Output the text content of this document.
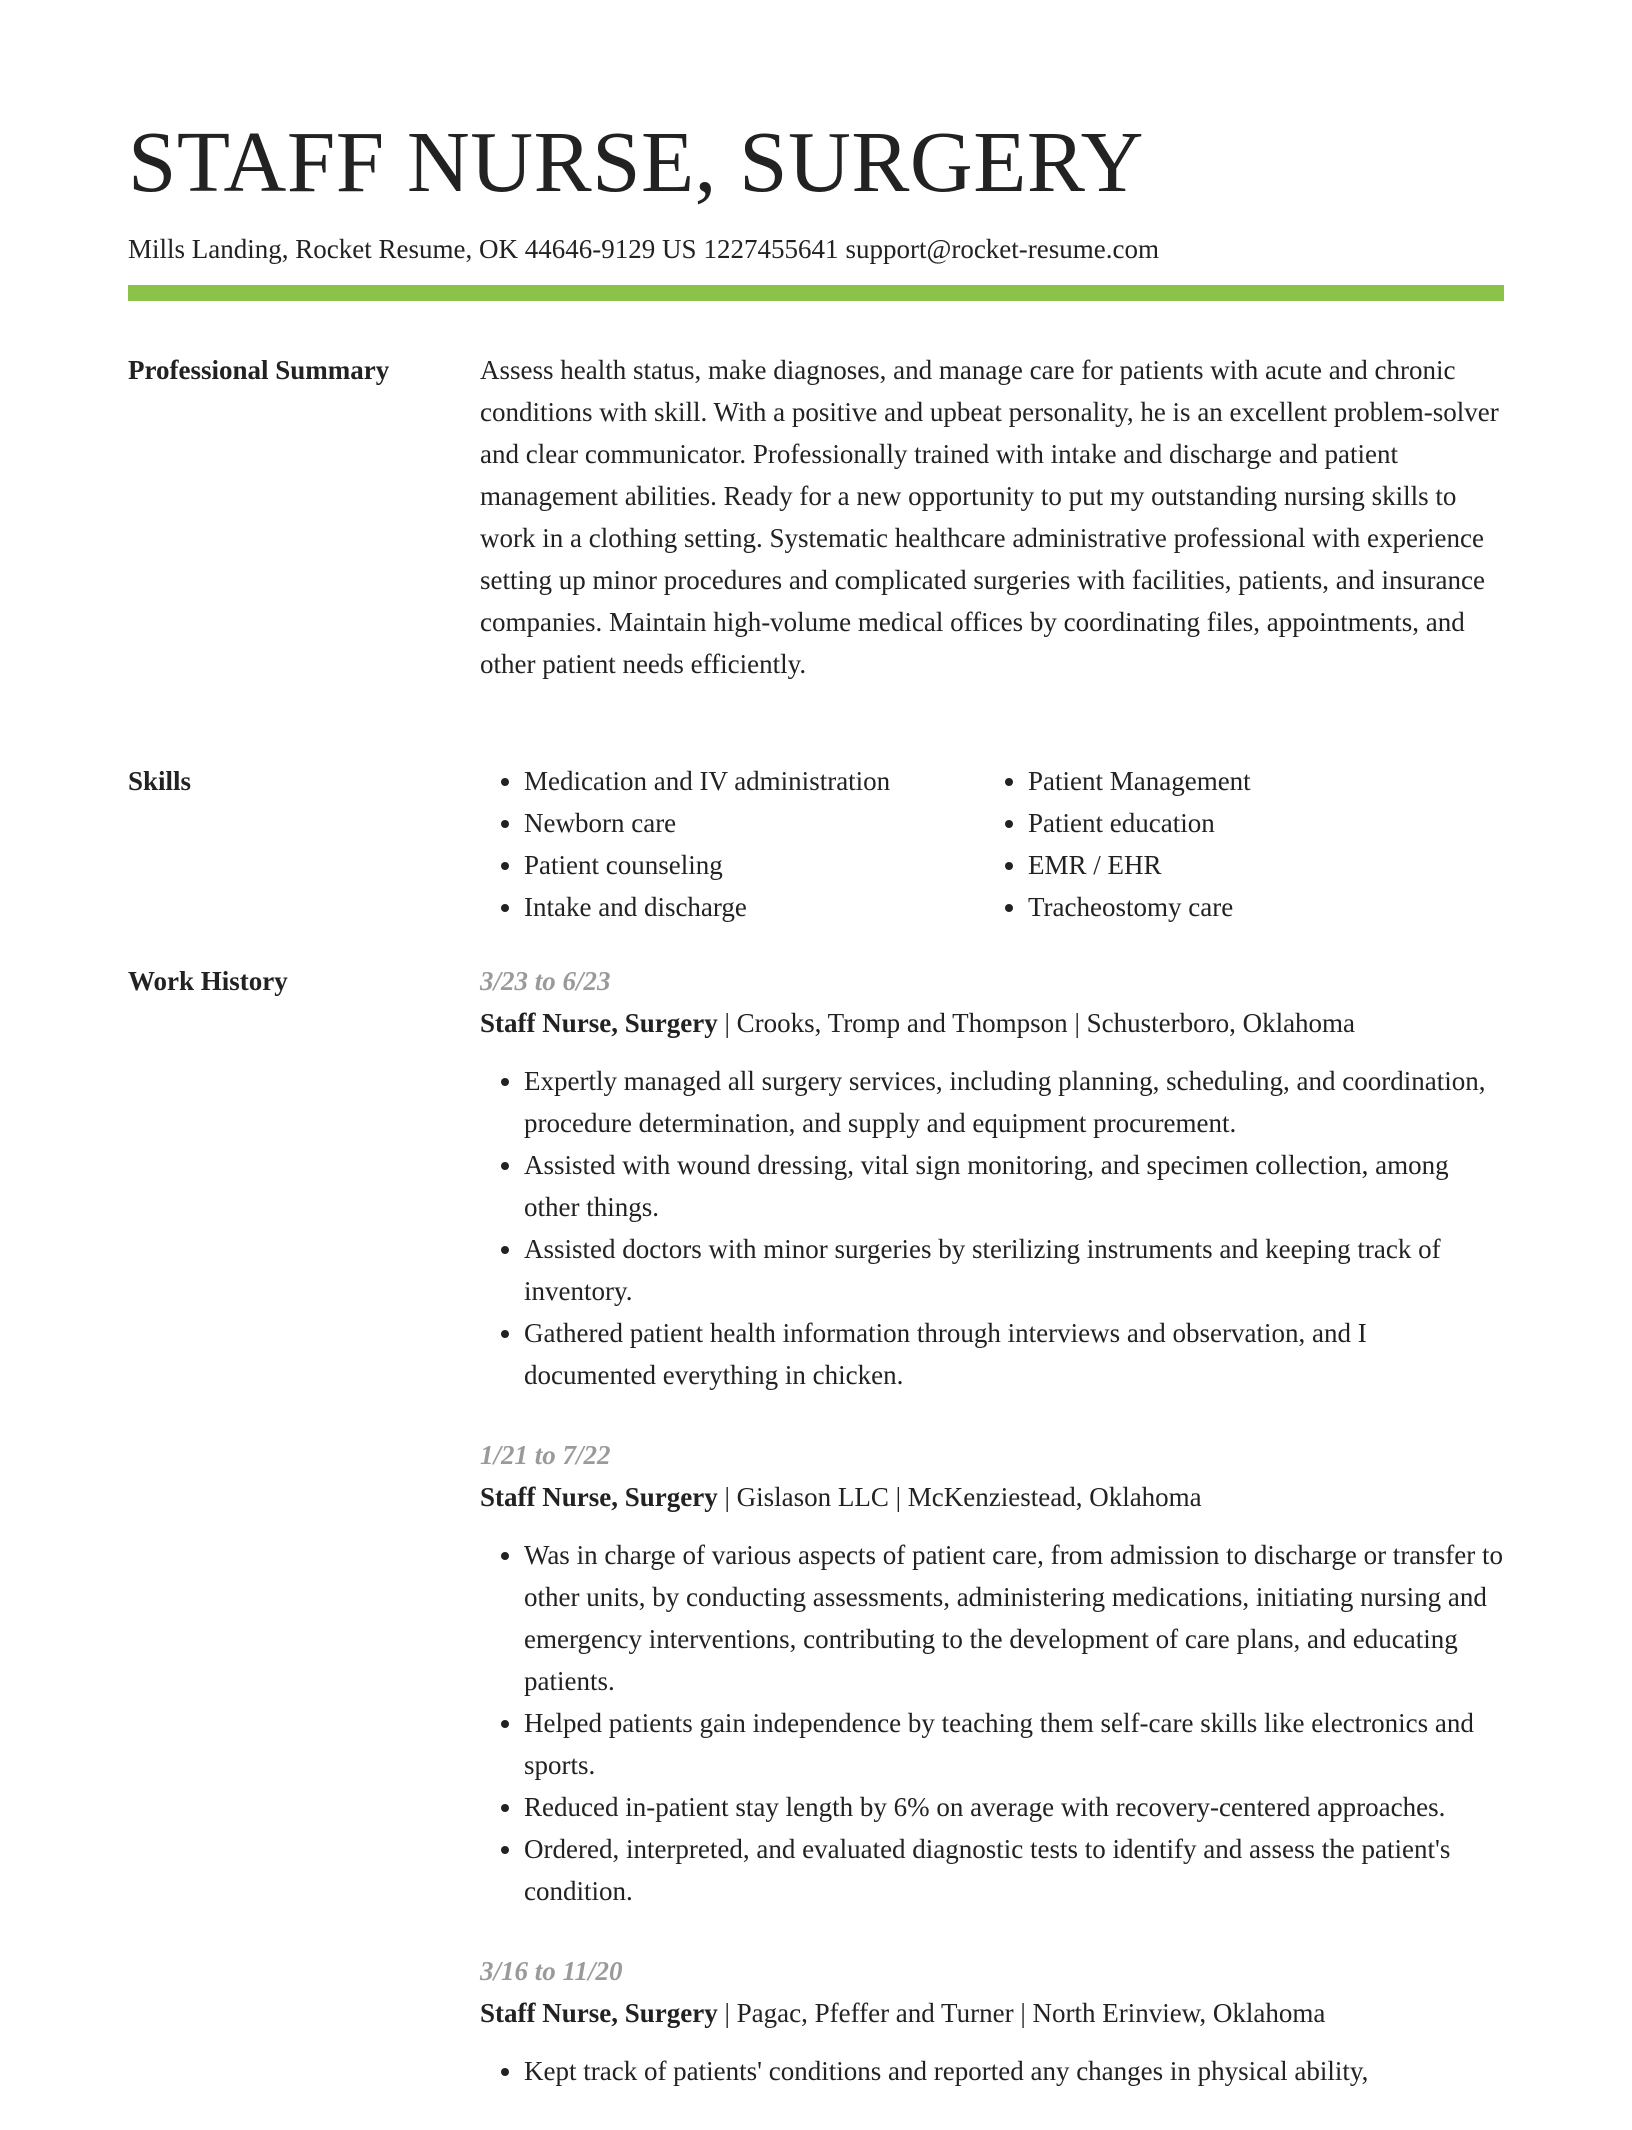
STAFF NURSE, SURGERY
Mills Landing, Rocket Resume, OK 44646-9129 US 1227455641 support@rocket-resume.com
Professional Summary	Assess health status, make diagnoses, and manage care for patients with acute and chronic conditions with skill. With a positive and upbeat personality, he is an excellent problem-solver and clear communicator. Professionally trained with intake and discharge and patient management abilities. Ready for a new opportunity to put my outstanding nursing skills to work in a clothing setting. Systematic healthcare administrative professional with experience setting up minor procedures and complicated surgeries with facilities, patients, and insurance companies. Maintain high-volume medical offices by coordinating files, appointments, and other patient needs efficiently.

Skills
•	Medication and IV administration
• Newborn care
• Patient counseling
• Intake and discharge
• Patient Management
• Patient education
• EMR / EHR
• Tracheostomy care
Work History	3/23 to 6/23
Staff Nurse, Surgery | Crooks, Tromp and Thompson | Schusterboro, Oklahoma
• Expertly managed all surgery services, including planning, scheduling, and coordination, procedure determination, and supply and equipment procurement.
• Assisted with wound dressing, vital sign monitoring, and specimen collection, among other things.
• Assisted doctors with minor surgeries by sterilizing instruments and keeping track of inventory.
• Gathered patient health information through interviews and observation, and I documented everything in chicken.
1/21 to 7/22
Staff Nurse, Surgery | Gislason LLC | McKenziestead, Oklahoma
• Was in charge of various aspects of patient care, from admission to discharge or transfer to other units, by conducting assessments, administering medications, initiating nursing and emergency interventions, contributing to the development of care plans, and educating patients.
• Helped patients gain independence by teaching them self-care skills like electronics and sports.
• Reduced in-patient stay length by 6% on average with recovery-centered approaches.
• Ordered, interpreted, and evaluated diagnostic tests to identify and assess the patient's condition.
3/16 to 11/20
Staff Nurse, Surgery | Pagac, Pfeffer and Turner | North Erinview, Oklahoma
• Kept track of patients' conditions and reported any changes in physical ability,
